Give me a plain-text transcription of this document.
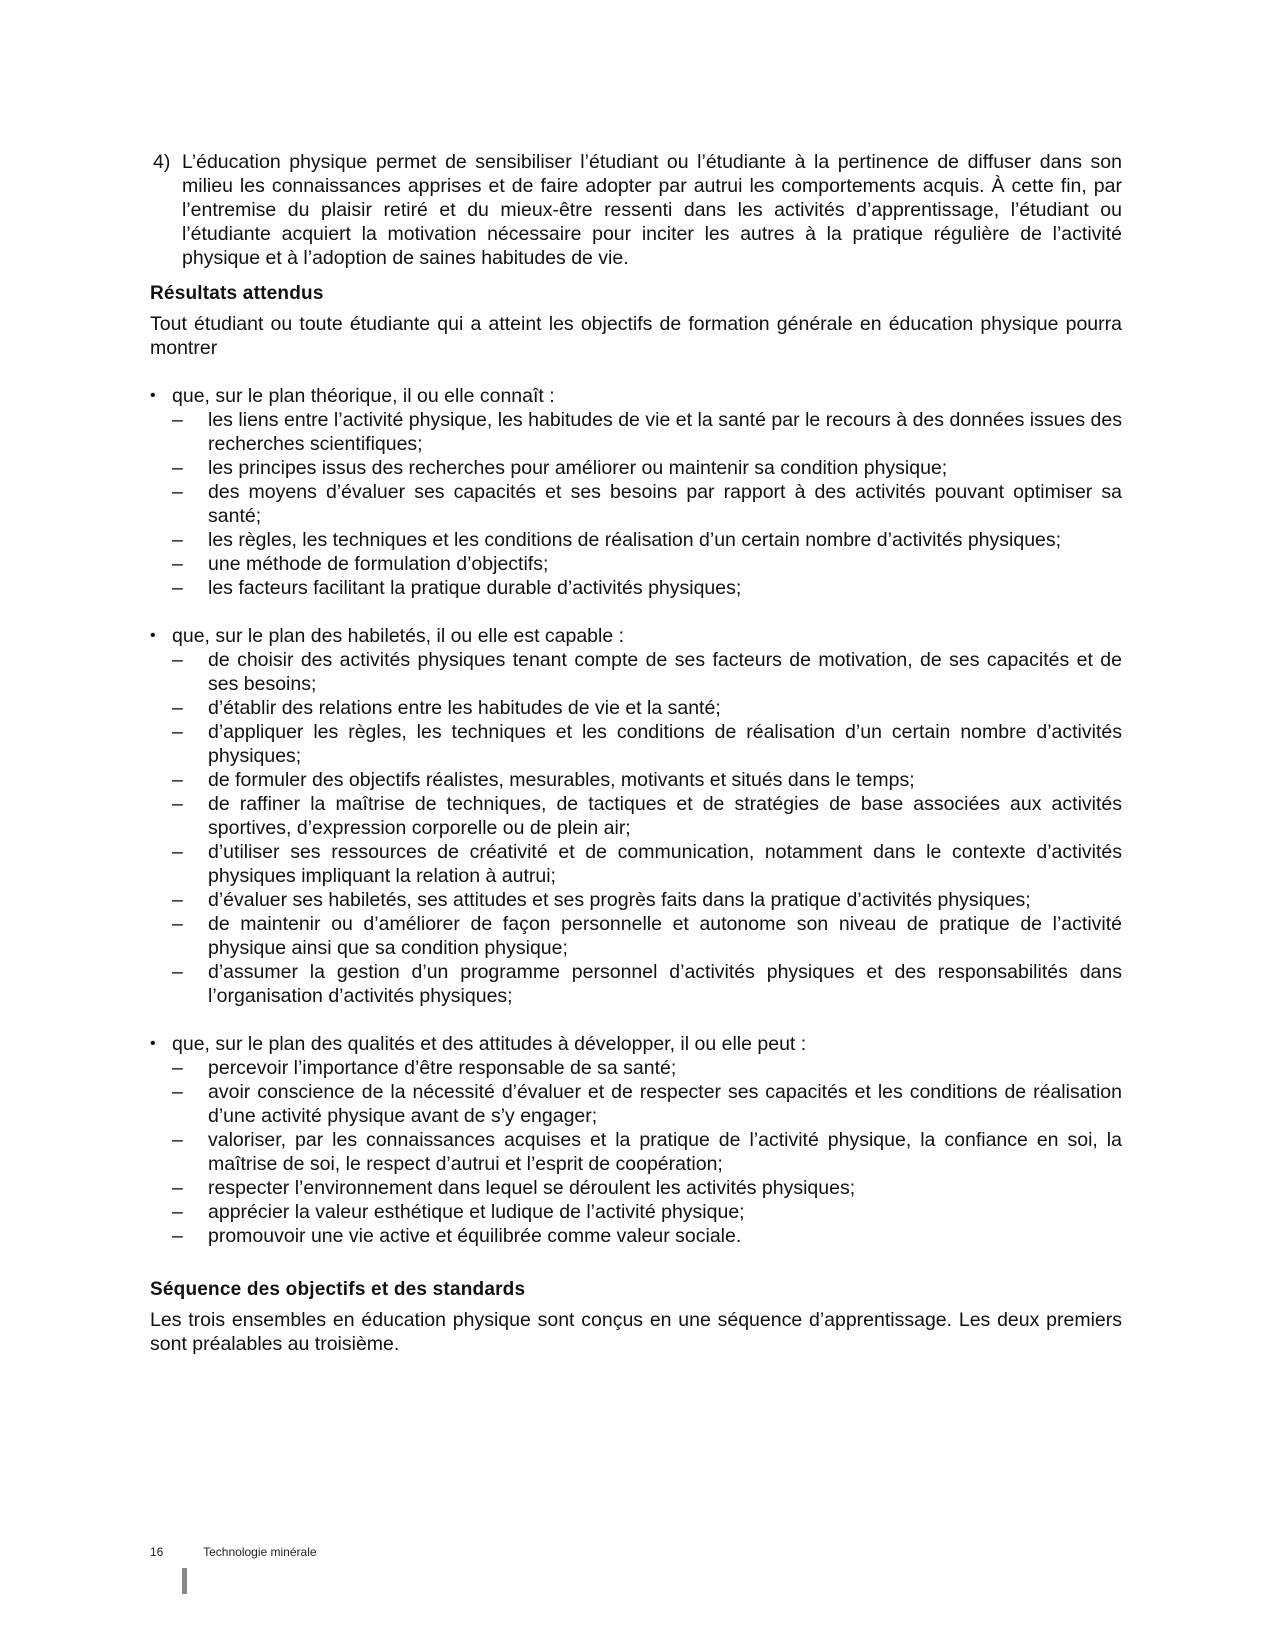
4) L’éducation physique permet de sensibiliser l’étudiant ou l’étudiante à la pertinence de diffuser dans son milieu les connaissances apprises et de faire adopter par autrui les comportements acquis. À cette fin, par l’entremise du plaisir retiré et du mieux-être ressenti dans les activités d’apprentissage, l’étudiant ou l’étudiante acquiert la motivation nécessaire pour inciter les autres à la pratique régulière de l’activité physique et à l’adoption de saines habitudes de vie.
Résultats attendus

Tout étudiant ou toute étudiante qui a atteint les objectifs de formation générale en éducation physique pourra montrer

• que, sur le plan théorique, il ou elle connaît :
– les liens entre l’activité physique, les habitudes de vie et la santé par le recours à des données issues des recherches scientifiques;
– les principes issus des recherches pour améliorer ou maintenir sa condition physique;
– des moyens d’évaluer ses capacités et ses besoins par rapport à des activités pouvant optimiser sa santé;
– les règles, les techniques et les conditions de réalisation d’un certain nombre d’activités physiques;
– une méthode de formulation d’objectifs;
– les facteurs facilitant la pratique durable d’activités physiques;
• que, sur le plan des habiletés, il ou elle est capable :
– de choisir des activités physiques tenant compte de ses facteurs de motivation, de ses capacités et de ses besoins;
– d’établir des relations entre les habitudes de vie et la santé;
– d’appliquer les règles, les techniques et les conditions de réalisation d’un certain nombre d’activités physiques;
– de formuler des objectifs réalistes, mesurables, motivants et situés dans le temps;
– de raffiner la maîtrise de techniques, de tactiques et de stratégies de base associées aux activités sportives, d’expression corporelle ou de plein air;
– d’utiliser ses ressources de créativité et de communication, notamment dans le contexte d’activités physiques impliquant la relation à autrui;
– d’évaluer ses habiletés, ses attitudes et ses progrès faits dans la pratique d’activités physiques;
– de maintenir ou d’améliorer de façon personnelle et autonome son niveau de pratique de l’activité physique ainsi que sa condition physique;
– d’assumer la gestion d’un programme personnel d’activités physiques et des responsabilités dans l’organisation d’activités physiques;
• que, sur le plan des qualités et des attitudes à développer, il ou elle peut :
– percevoir l’importance d’être responsable de sa santé;
– avoir conscience de la nécessité d’évaluer et de respecter ses capacités et les conditions de réalisation d’une activité physique avant de s’y engager;
– valoriser, par les connaissances acquises et la pratique de l’activité physique, la confiance en soi, la maîtrise de soi, le respect d’autrui et l’esprit de coopération;
– respecter l’environnement dans lequel se déroulent les activités physiques;
– apprécier la valeur esthétique et ludique de l’activité physique;
– promouvoir une vie active et équilibrée comme valeur sociale.
Séquence des objectifs et des standards

Les trois ensembles en éducation physique sont conçus en une séquence d’apprentissage. Les deux premiers sont préalables au troisième.

16	Technologie minérale
